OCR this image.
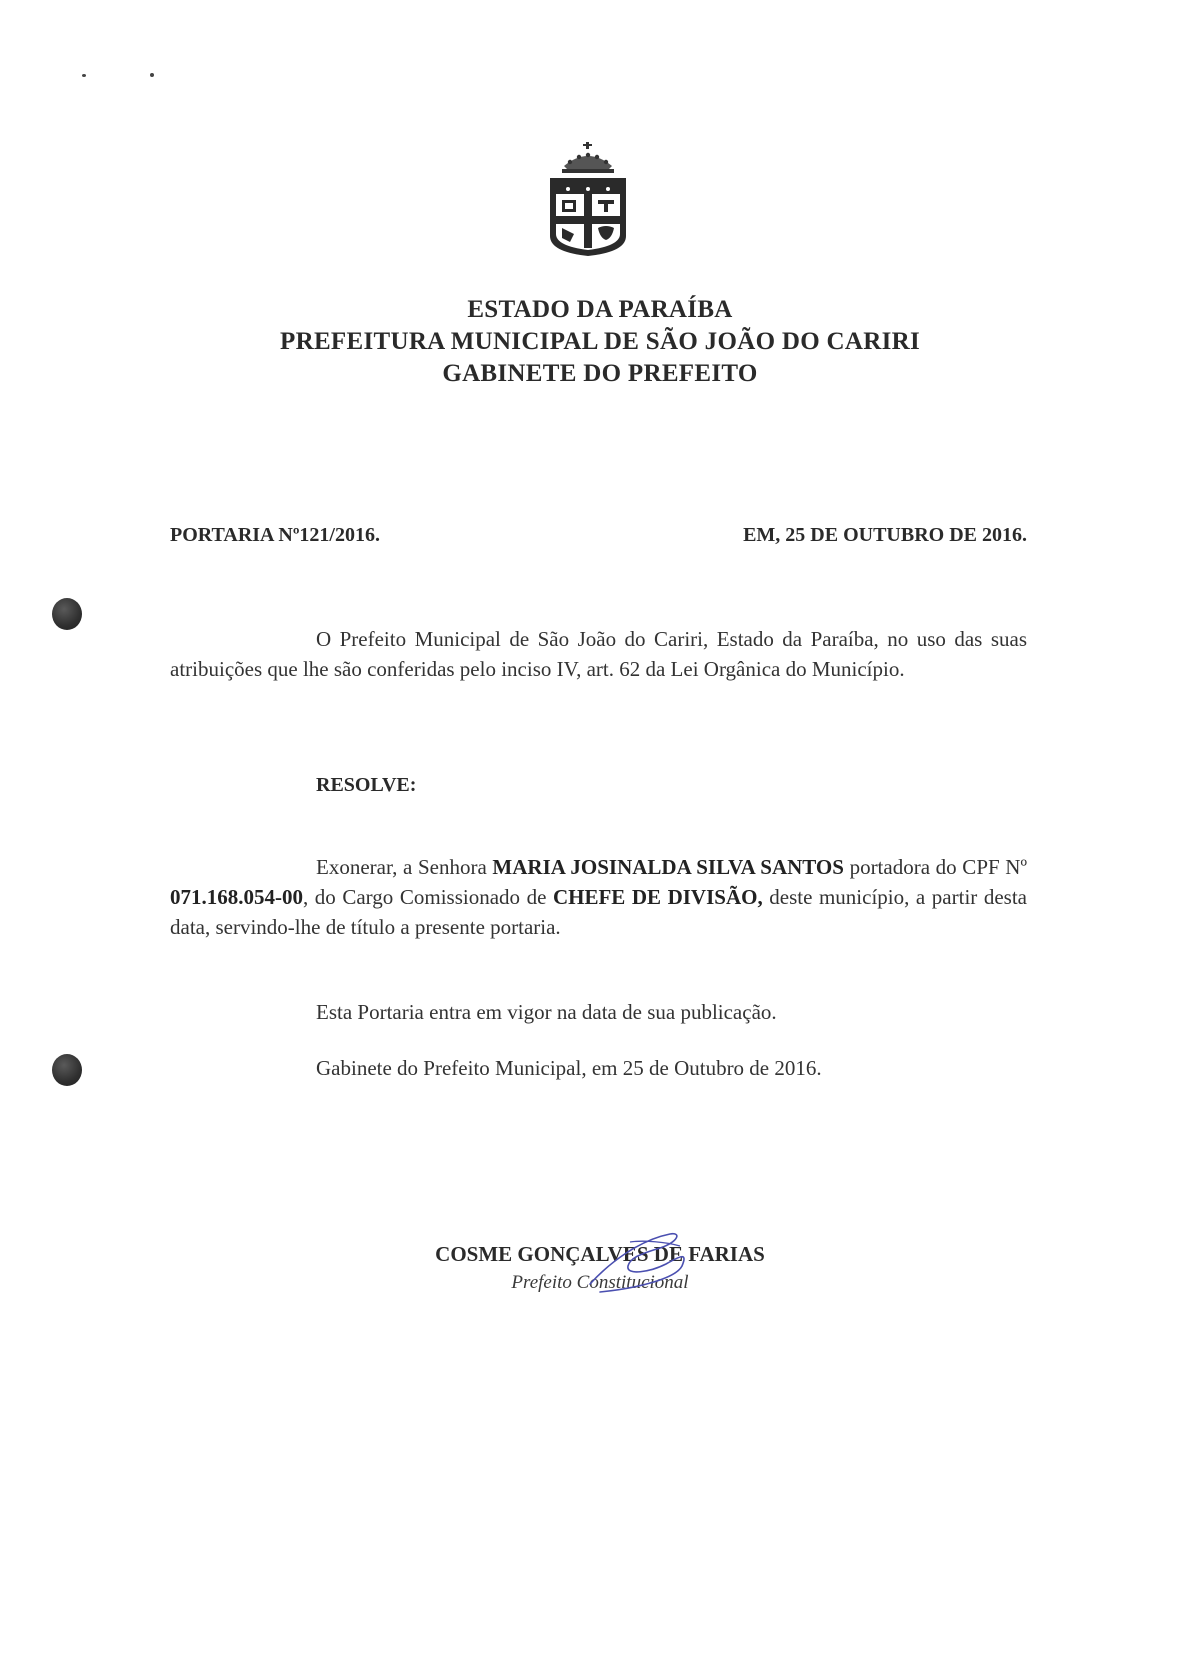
ESTADO DA PARAÍBA
PREFEITURA MUNICIPAL DE SÃO JOÃO DO CARIRI
GABINETE DO PREFEITO
PORTARIA Nº121/2016.	EM, 25 DE OUTUBRO DE 2016.
O Prefeito Municipal de São João do Cariri, Estado da Paraíba, no uso das suas atribuições que lhe são conferidas pelo inciso IV, art. 62 da Lei Orgânica do Município.
RESOLVE:
Exonerar, a Senhora MARIA JOSINALDA SILVA SANTOS portadora do CPF Nº 071.168.054-00, do Cargo Comissionado de CHEFE DE DIVISÃO, deste município, a partir desta data, servindo-lhe de título a presente portaria.
Esta Portaria entra em vigor na data de sua publicação.
Gabinete do Prefeito Municipal, em 25 de Outubro de 2016.
COSME GONÇALVES DE FARIAS
Prefeito Constitucional
